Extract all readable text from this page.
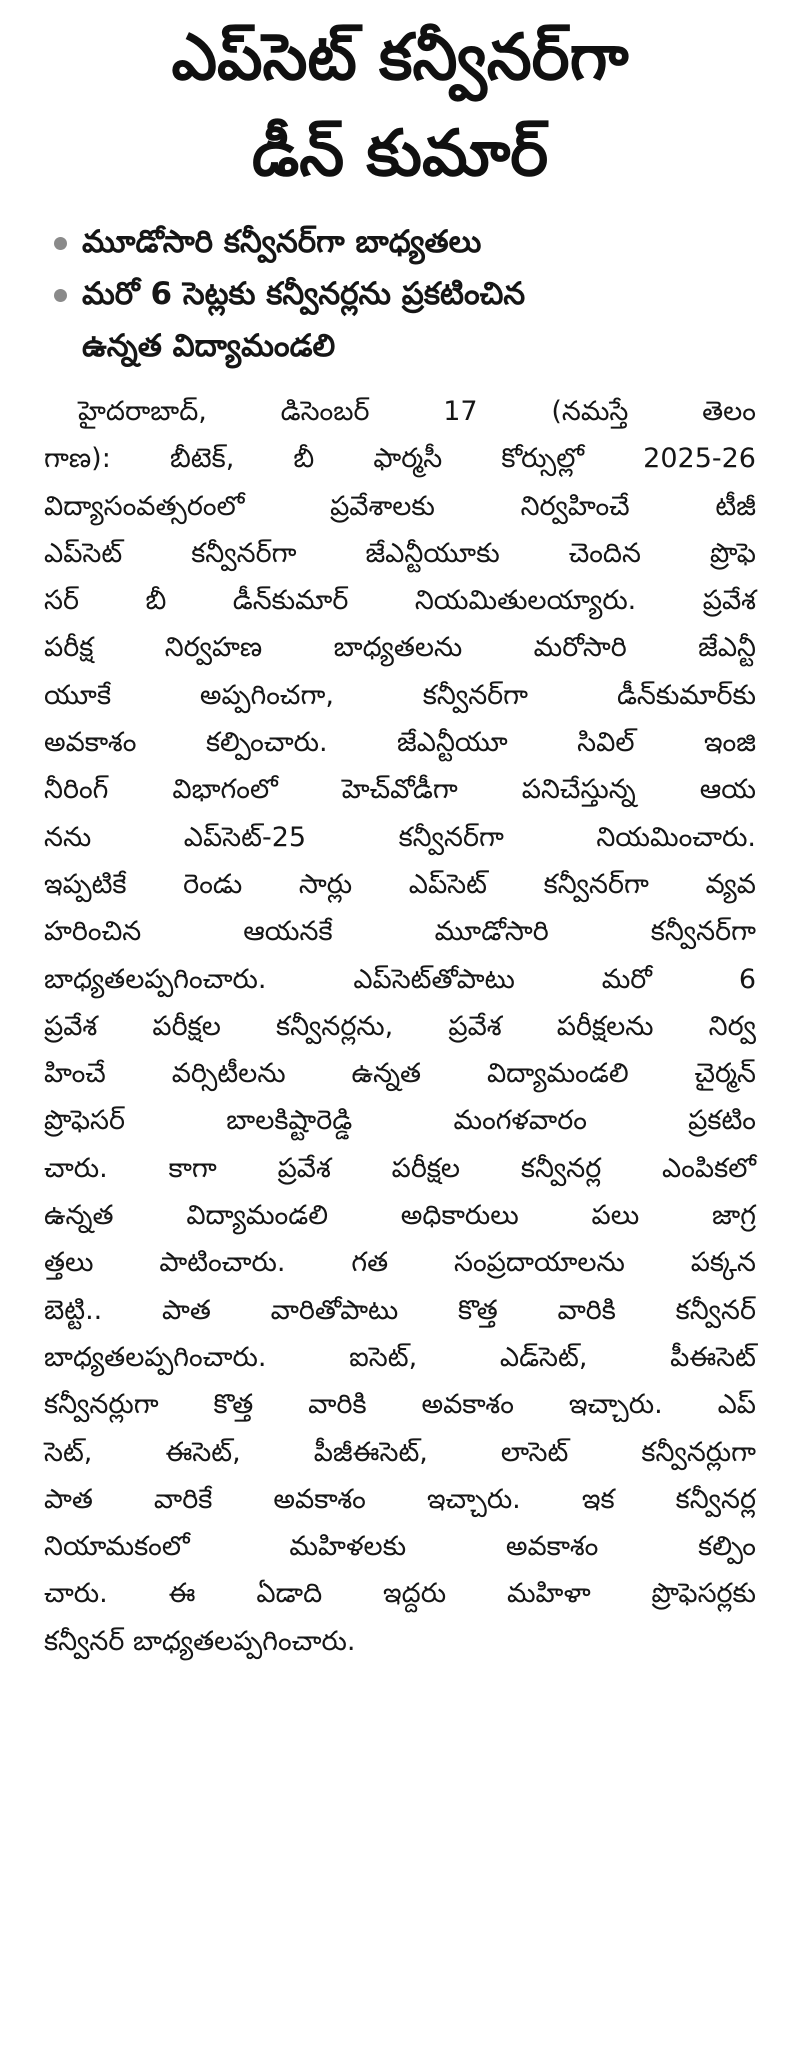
ఎప్‌సెట్‌ కన్వీనర్‌గా
డీన్‌ కుమార్‌
మూడోసారి కన్వీనర్‌గా బాధ్యతలు
మరో 6 సెట్లకు కన్వీనర్లను ప్రకటించిన
ఉన్నత విద్యామండలి
హైదరాబాద్‌, డిసెంబర్‌ 17 (నమస్తే తెలం
గాణ): బీటెక్‌, బీ ఫార్మసీ కోర్సుల్లో 2025-26
విద్యాసంవత్సరంలో ప్రవేశాలకు నిర్వహించే టీజీ
ఎప్‌సెట్‌ కన్వీనర్‌గా జేఎన్టీయూకు చెందిన ప్రొఫె
సర్‌ బీ డీన్‌కుమార్‌ నియమితులయ్యారు. ప్రవేశ
పరీక్ష నిర్వహణ బాధ్యతలను మరోసారి జేఎన్టీ
యూకే అప్పగించగా, కన్వీనర్‌గా డీన్‌కుమార్‌కు
అవకాశం కల్పించారు. జేఎన్టీయూ సివిల్‌ ఇంజి
నీరింగ్‌ విభాగంలో హెచ్‌వోడీగా పనిచేస్తున్న ఆయ
నను ఎప్‌సెట్‌-25 కన్వీనర్‌గా నియమించారు.
ఇప్పటికే రెండు సార్లు ఎప్‌సెట్‌ కన్వీనర్‌గా వ్యవ
హరించిన ఆయనకే మూడోసారి కన్వీనర్‌గా
బాధ్యతలప్పగించారు. ఎప్‌సెట్‌తోపాటు మరో 6
ప్రవేశ పరీక్షల కన్వీనర్లను, ప్రవేశ పరీక్షలను నిర్వ
హించే వర్సిటీలను ఉన్నత విద్యామండలి చైర్మన్‌
ప్రొఫెసర్‌ బాలకిష్టారెడ్డి మంగళవారం ప్రకటిం
చారు. కాగా ప్రవేశ పరీక్షల కన్వీనర్ల ఎంపికలో
ఉన్నత విద్యామండలి అధికారులు పలు జాగ్ర
త్తలు పాటించారు. గత సంప్రదాయాలను పక్కన
బెట్టి.. పాత వారితోపాటు కొత్త వారికి కన్వీనర్‌
బాధ్యతలప్పగించారు. ఐసెట్‌, ఎడ్‌సెట్‌, పీఈసెట్‌
కన్వీనర్లుగా కొత్త వారికి అవకాశం ఇచ్చారు. ఎప్‌
సెట్‌, ఈసెట్‌, పీజీఈసెట్‌, లాసెట్‌ కన్వీనర్లుగా
పాత వారికే అవకాశం ఇచ్చారు. ఇక కన్వీనర్ల
నియామకంలో మహిళలకు అవకాశం కల్పిం
చారు. ఈ ఏడాది ఇద్దరు మహిళా ప్రొఫెసర్లకు
కన్వీనర్‌ బాధ్యతలప్పగించారు.
